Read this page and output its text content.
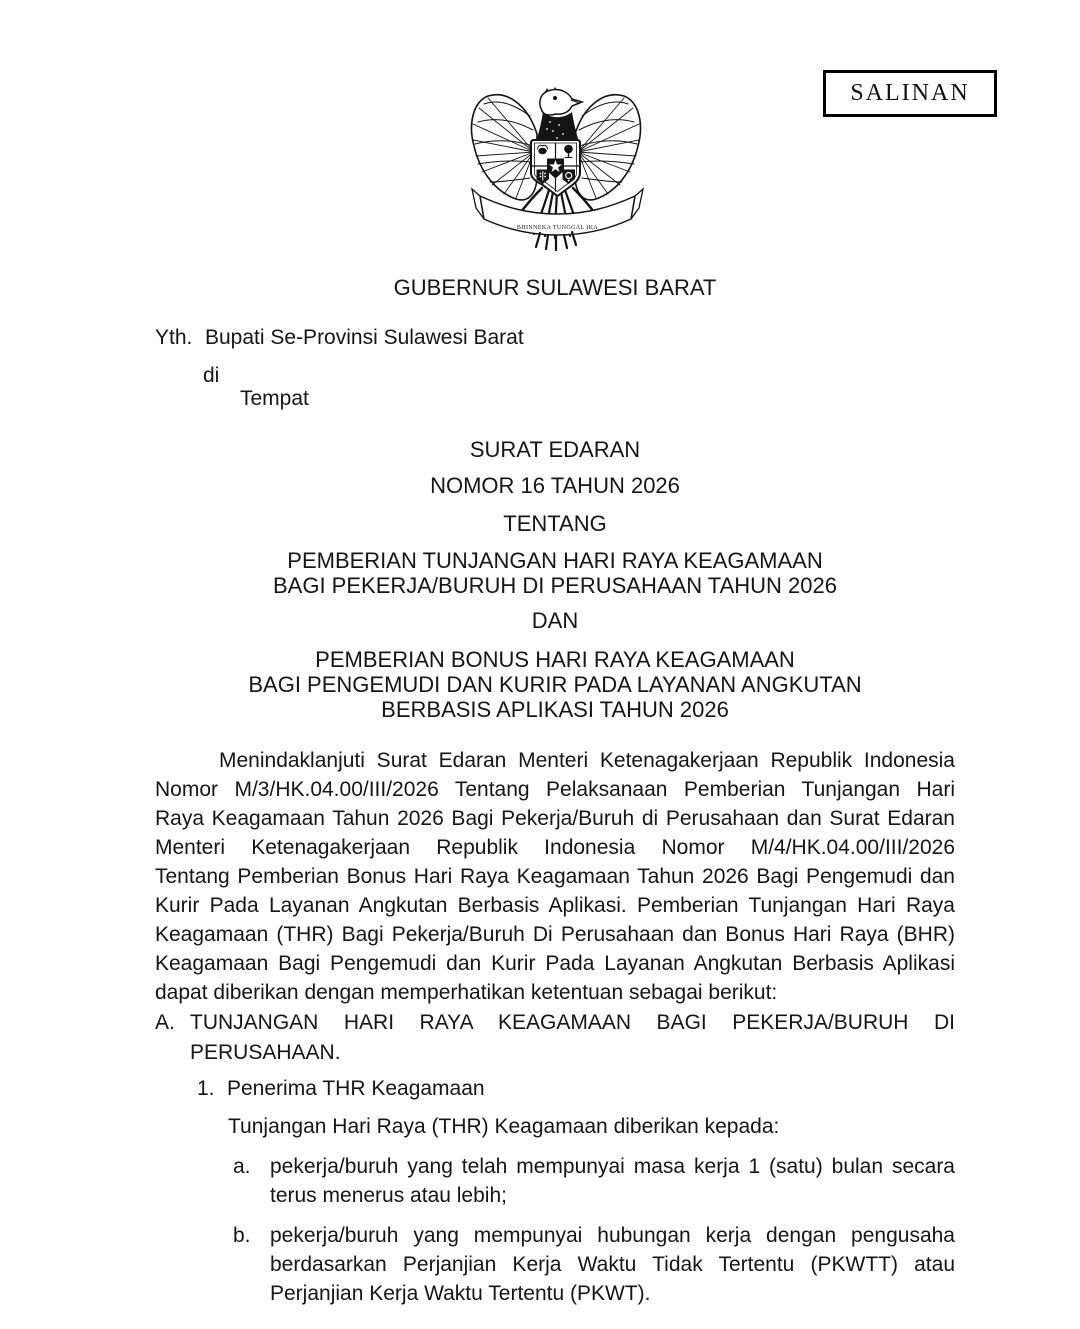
SALINAN
BHINNEKA TUNGGAL IKA
GUBERNUR SULAWESI BARAT
Yth. Bupati Se-Provinsi Sulawesi Barat
di
Tempat
SURAT EDARAN
NOMOR 16 TAHUN 2026
TENTANG
PEMBERIAN TUNJANGAN HARI RAYA KEAGAMAAN
BAGI PEKERJA/BURUH DI PERUSAHAAN TAHUN 2026
DAN
PEMBERIAN BONUS HARI RAYA KEAGAMAAN
BAGI PENGEMUDI DAN KURIR PADA LAYANAN ANGKUTAN
BERBASIS APLIKASI TAHUN 2026
Menindaklanjuti Surat Edaran Menteri Ketenagakerjaan Republik Indonesia
Nomor M/3/HK.04.00/III/2026 Tentang Pelaksanaan Pemberian Tunjangan Hari
Raya Keagamaan Tahun 2026 Bagi Pekerja/Buruh di Perusahaan dan Surat Edaran
Menteri Ketenagakerjaan Republik Indonesia Nomor M/4/HK.04.00/III/2026
Tentang Pemberian Bonus Hari Raya Keagamaan Tahun 2026 Bagi Pengemudi dan
Kurir Pada Layanan Angkutan Berbasis Aplikasi. Pemberian Tunjangan Hari Raya
Keagamaan (THR) Bagi Pekerja/Buruh Di Perusahaan dan Bonus Hari Raya (BHR)
Keagamaan Bagi Pengemudi dan Kurir Pada Layanan Angkutan Berbasis Aplikasi
dapat diberikan dengan memperhatikan ketentuan sebagai berikut:
A. TUNJANGAN HARI RAYA KEAGAMAAN BAGI PEKERJA/BURUH DI
PERUSAHAAN.
1. Penerima THR Keagamaan
Tunjangan Hari Raya (THR) Keagamaan diberikan kepada:
a. pekerja/buruh yang telah mempunyai masa kerja 1 (satu) bulan secara
terus menerus atau lebih;
b. pekerja/buruh yang mempunyai hubungan kerja dengan pengusaha
berdasarkan Perjanjian Kerja Waktu Tidak Tertentu (PKWTT) atau
Perjanjian Kerja Waktu Tertentu (PKWT).
